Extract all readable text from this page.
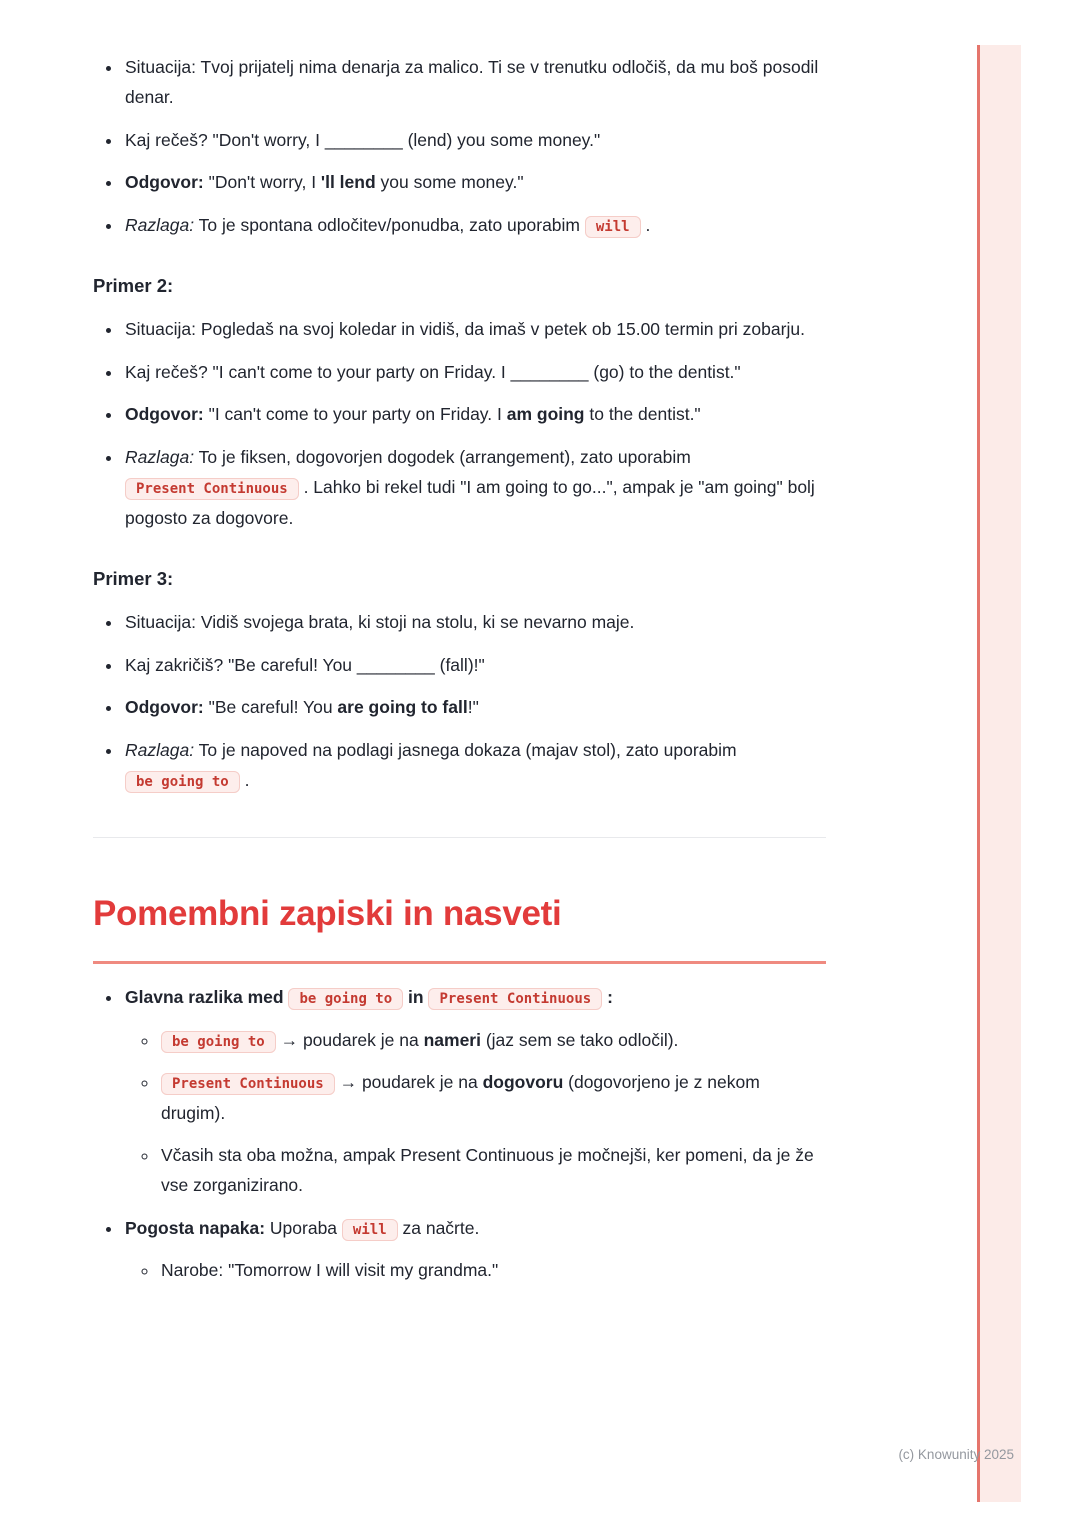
• Situacija: Tvoj prijatelj nima denarja za malico. Ti se v trenutku odločiš, da mu boš posodil denar.
• Kaj rečeš? "Don't worry, I ________ (lend) you some money."
• Odgovor: "Don't worry, I 'll lend you some money."
• Razlaga: To je spontana odločitev/ponudba, zato uporabim will .
Primer 2:
• Situacija: Pogledaš na svoj koledar in vidiš, da imaš v petek ob 15.00 termin pri zobarju.
• Kaj rečeš? "I can't come to your party on Friday. I ________ (go) to the dentist."
• Odgovor: "I can't come to your party on Friday. I am going to the dentist."
• Razlaga: To je fiksen, dogovorjen dogodek (arrangement), zato uporabim Present Continuous . Lahko bi rekel tudi "I am going to go...", ampak je "am going" bolj pogosto za dogovore.
Primer 3:
• Situacija: Vidiš svojega brata, ki stoji na stolu, ki se nevarno maje.
• Kaj zakričiš? "Be careful! You ________ (fall)!"
• Odgovor: "Be careful! You are going to fall!"
• Razlaga: To je napoved na podlagi jasnega dokaza (majav stol), zato uporabim be going to .
Pomembni zapiski in nasveti
• Glavna razlika med be going to in Present Continuous :
◦ be going to → poudarek je na nameri (jaz sem se tako odločil).
◦ Present Continuous → poudarek je na dogovoru (dogovorjeno je z nekom drugim).
◦ Včasih sta oba možna, ampak Present Continuous je močnejši, ker pomeni, da je že vse zorganizirano.
• Pogosta napaka: Uporaba will za načrte.
◦ Narobe: "Tomorrow I will visit my grandma."
(c) Knowunity 2025
